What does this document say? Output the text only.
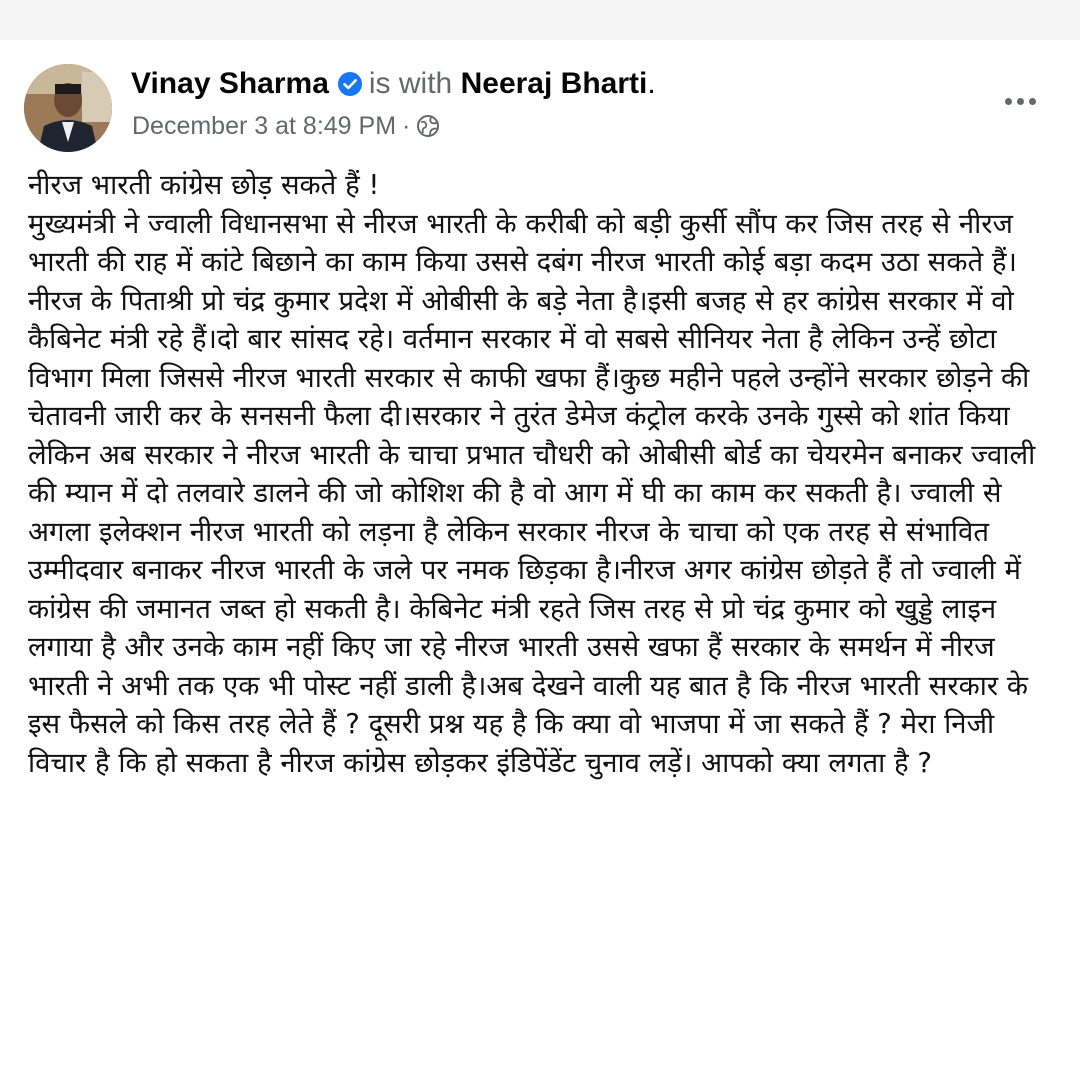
Vinay Sharma is with Neeraj Bharti.
December 3 at 8:49 PM ·

नीरज भारती कांग्रेस छोड़ सकते हैं !

मुख्यमंत्री ने ज्वाली विधानसभा से नीरज भारती के करीबी को बड़ी कुर्सी सौंप कर जिस तरह से नीरज भारती की राह में कांटे बिछाने का काम किया उससे दबंग नीरज भारती कोई बड़ा कदम उठा सकते हैं।नीरज के पिताश्री प्रो चंद्र कुमार प्रदेश में ओबीसी के बड़े नेता है।इसी बजह से हर कांग्रेस सरकार में वो कैबिनेट मंत्री रहे हैं।दो बार सांसद रहे। वर्तमान सरकार में वो सबसे सीनियर नेता है लेकिन उन्हें छोटा विभाग मिला जिससे नीरज भारती सरकार से काफी खफा हैं।कुछ महीने पहले उन्होंने सरकार छोड़ने की चेतावनी जारी कर के सनसनी फैला दी।सरकार ने तुरंत डेमेज कंट्रोल करके उनके गुस्से को शांत किया लेकिन अब सरकार ने नीरज भारती के चाचा प्रभात चौधरी को ओबीसी बोर्ड का चेयरमेन बनाकर ज्वाली की म्यान में दो तलवारे डालने की जो कोशिश की है वो आग में घी का काम कर सकती है। ज्वाली से अगला इलेक्शन नीरज भारती को लड़ना है लेकिन सरकार नीरज के चाचा को एक तरह से संभावित उम्मीदवार बनाकर नीरज भारती के जले पर नमक छिड़का है।नीरज अगर कांग्रेस छोड़ते हैं तो ज्वाली में कांग्रेस की जमानत जब्त हो सकती है। केबिनेट मंत्री रहते जिस तरह से प्रो चंद्र कुमार को खुड्डे लाइन लगाया है और उनके काम नहीं किए जा रहे नीरज भारती उससे खफा हैं सरकार के समर्थन में नीरज भारती ने अभी तक एक भी पोस्ट नहीं डाली है।अब देखने वाली यह बात है कि नीरज भारती सरकार के इस फैसले को किस तरह लेते हैं ? दूसरी प्रश्न यह है कि क्या वो भाजपा में जा सकते हैं ? मेरा निजी विचार है कि हो सकता है नीरज कांग्रेस छोड़कर इंडिपेंडेंट चुनाव लड़ें। आपको क्या लगता है ?
